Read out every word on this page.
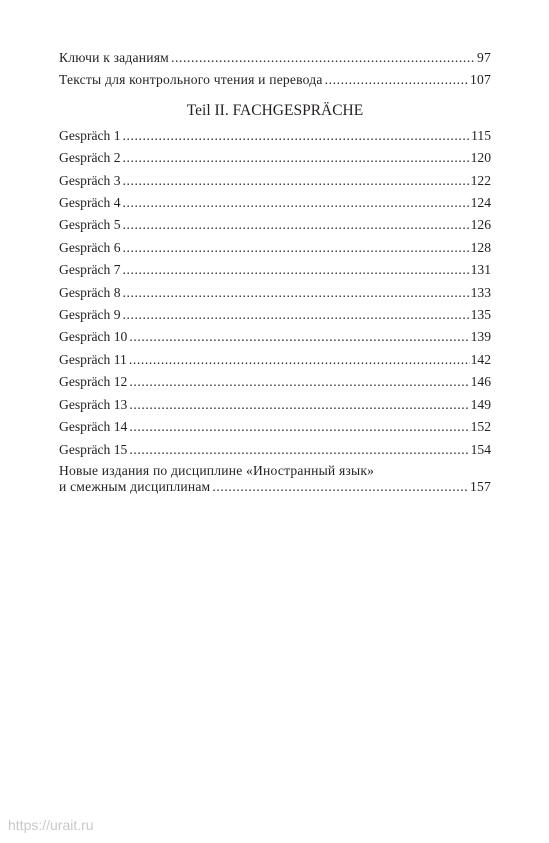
Ключи к заданиям .....	97
Тексты для контрольного чтения и перевода .....	107
Teil II. FACHGESPRÄCHE
Gespräch 1 .....	115
Gespräch 2 .....	120
Gespräch 3 .....	122
Gespräch 4 .....	124
Gespräch 5 .....	126
Gespräch 6 .....	128
Gespräch 7 .....	131
Gespräch 8 .....	133
Gespräch 9 .....	135
Gespräch 10 .....	139
Gespräch 11 .....	142
Gespräch 12 .....	146
Gespräch 13 .....	149
Gespräch 14 .....	152
Gespräch 15 .....	154
Новые издания по дисциплине «Иностранный язык»
и смежным дисциплинам .....	157
https://urait.ru
